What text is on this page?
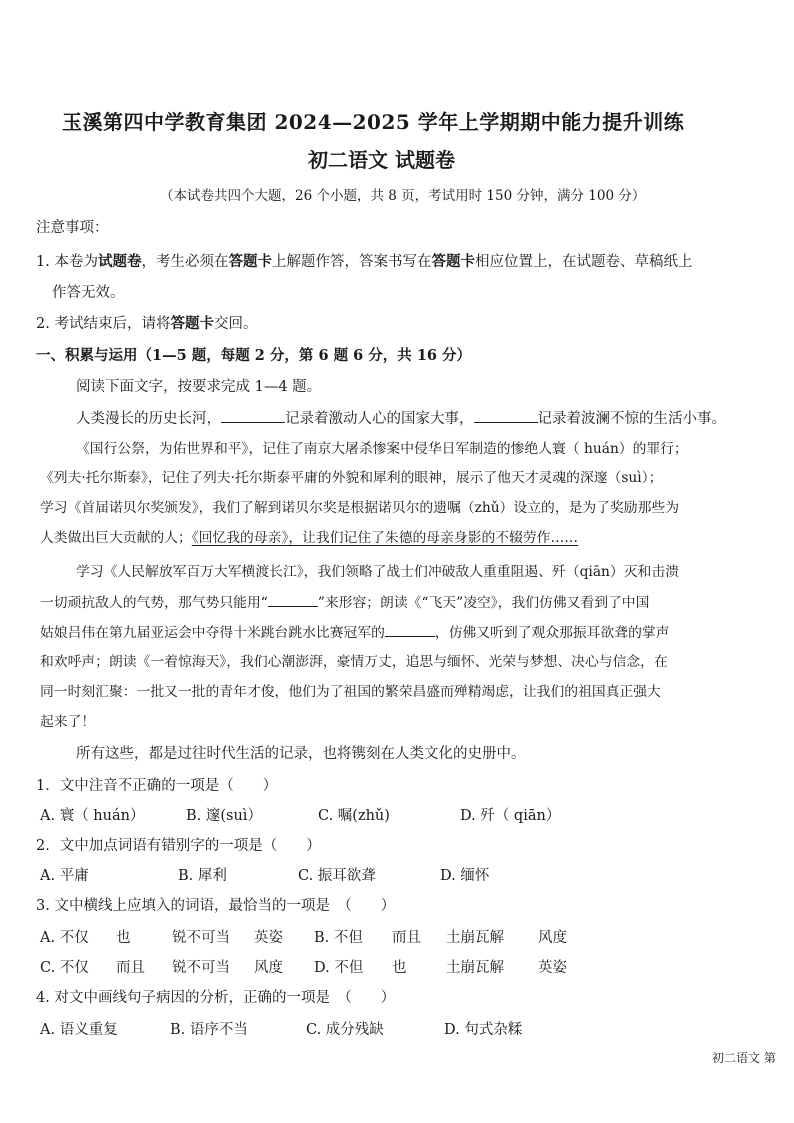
玉溪第四中学教育集团 2024—2025 学年上学期期中能力提升训练
初二语文 试题卷
（本试卷共四个大题，26 个小题，共 8 页，考试用时 150 分钟，满分 100 分）
注意事项：
1. 本卷为试题卷，考生必须在答题卡上解题作答，答案书写在答题卡相应位置上，在试题卷、草稿纸上
作答无效。
2. 考试结束后，请将答题卡交回。
一、积累与运用（1—5 题，每题 2 分，第 6 题 6 分，共 16 分）
阅读下面文字，按要求完成 1—4 题。
人类漫长的历史长河，	记录着激动人心的国家大事，	记录着波澜不惊的生活小事。
《国行公祭，为佑世界和平》，记住了南京大屠杀惨案中侵华日军制造的惨绝人寰（ huán）的罪行；
《列夫·托尔斯泰》，记住了列夫·托尔斯泰平庸的外貌和犀利的眼神，展示了他天才灵魂的深邃（suì）；
学习《首届诺贝尔奖颁发》，我们了解到诺贝尔奖是根据诺贝尔的遗嘱（zhǔ）设立的，是为了奖励那些为
人类做出巨大贡献的人；《回忆我的母亲》，让我们记住了朱德的母亲身影的不辍劳作……
学习《人民解放军百万大军横渡长江》，我们领略了战士们冲破敌人重重阻遏、歼（qiān）灭和击溃
一切顽抗敌人的气势，那气势只能用“	”来形容；朗读《“飞天”凌空》，我们仿佛又看到了中国
姑娘吕伟在第九届亚运会中夺得十米跳台跳水比赛冠军的	，仿佛又听到了观众那振耳欲聋的掌声
和欢呼声；朗读《一着惊海天》，我们心潮澎湃，豪情万丈，追思与缅怀、光荣与梦想、决心与信念，在
同一时刻汇聚：一批又一批的青年才俊，他们为了祖国的繁荣昌盛而殚精竭虑，让我们的祖国真正强大
起来了！
所有这些，都是过往时代生活的记录，也将镌刻在人类文化的史册中。
1．文中注音不正确的一项是（　　）
A. 寰（ huán）	B. 邃(suì）	C. 嘱(zhǔ)	D. 歼（ qiān）
2．文中加点词语有错别字的一项是（　　）
A. 平庸	B. 犀利	C. 振耳欲聋	D. 缅怀
3. 文中横线上应填入的词语，最恰当的一项是　（　　）
A. 不仅 也	锐不可当 英姿 B. 不但 而且 土崩瓦解 风度
C. 不仅 而且 锐不可当 风度 D. 不但 也	土崩瓦解 英姿
4. 对文中画线句子病因的分析，正确的一项是　（　　）
A. 语义重复	B. 语序不当	C. 成分残缺	D. 句式杂糅
初二语文 第
